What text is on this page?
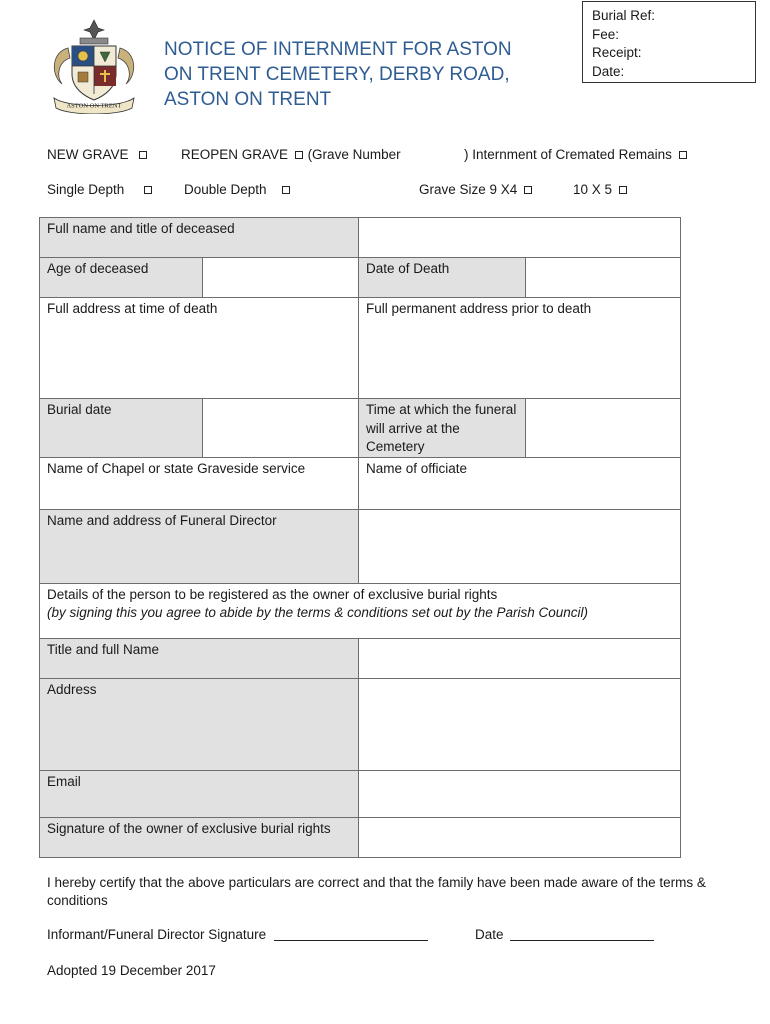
ASTON ON TRENT
NOTICE OF INTERNMENT FOR ASTON
ON TRENT CEMETERY, DERBY ROAD,
ASTON ON TRENT
Burial Ref:
Fee:
Receipt:
Date:
NEW GRAVE	REOPEN GRAVE (Grave Number	) Internment of Cremated Remains
Single Depth	Double Depth	Grave Size 9 X4	10 X 5
Full name and title of deceased			
Age of deceased		Date of Death	
Full address at time of death		Full permanent address prior to death	
Burial date		Time at which the funeral will arrive at the Cemetery	
Name of Chapel or state Graveside service		Name of officiate	
Name and address of Funeral Director			

Details of the person to be registered as the owner of exclusive burial rights
(by signing this you agree to abide by the terms & conditions set out by the Parish Council)			

Title and full Name			
Address			
Email			
Signature of the owner of exclusive burial rights			
I hereby certify that the above particulars are correct and that the family have been made aware of the terms & conditions
Informant/Funeral Director Signature	Date
Adopted 19 December 2017
